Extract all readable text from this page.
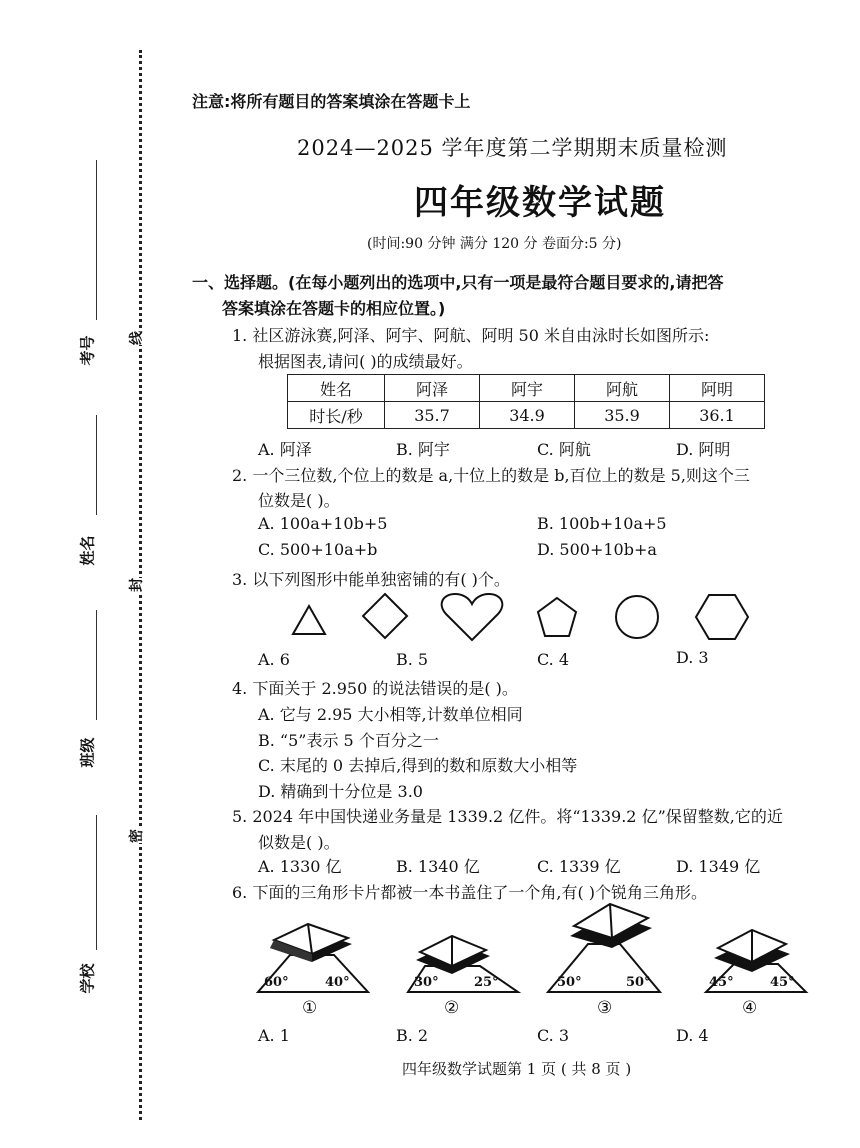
考号
姓名
班级
学校
线
封
密
注意:将所有题目的答案填涂在答题卡上
2024—2025 学年度第二学期期末质量检测
四年级数学试题
(时间:90 分钟 满分 120 分 卷面分:5 分)
一、选择题。(在每小题列出的选项中,只有一项是最符合题目要求的,请把答
答案填涂在答题卡的相应位置。)
1. 社区游泳赛,阿泽、阿宇、阿航、阿明 50 米自由泳时长如图所示:
根据图表,请问( )的成绩最好。
姓名	阿泽	阿宇	阿航	阿明
时长/秒	35.7	34.9	35.9	36.1
A. 阿泽	B. 阿宇	C. 阿航	D. 阿明
2. 一个三位数,个位上的数是 a,十位上的数是 b,百位上的数是 5,则这个三
位数是( )。
A. 100a+10b+5	B. 100b+10a+5
C. 500+10a+b	D. 500+10b+a
3. 以下列图形中能单独密铺的有( )个。
A. 6	B. 5	C. 4	D. 3
4. 下面关于 2.950 的说法错误的是( )。
A. 它与 2.95 大小相等,计数单位相同
B. “5”表示 5 个百分之一
C. 末尾的 0 去掉后,得到的数和原数大小相等
D. 精确到十分位是 3.0
5. 2024 年中国快递业务量是 1339.2 亿件。将“1339.2 亿”保留整数,它的近
似数是( )。
A. 1330 亿	B. 1340 亿	C. 1339 亿	D. 1349 亿
6. 下面的三角形卡片都被一本书盖住了一个角,有( )个锐角三角形。
60°	40°	30°	25°	50°	50°	45°	45°
①	②	③	④
A. 1	B. 2	C. 3	D. 4
四年级数学试题第 1 页 ( 共 8 页 )
